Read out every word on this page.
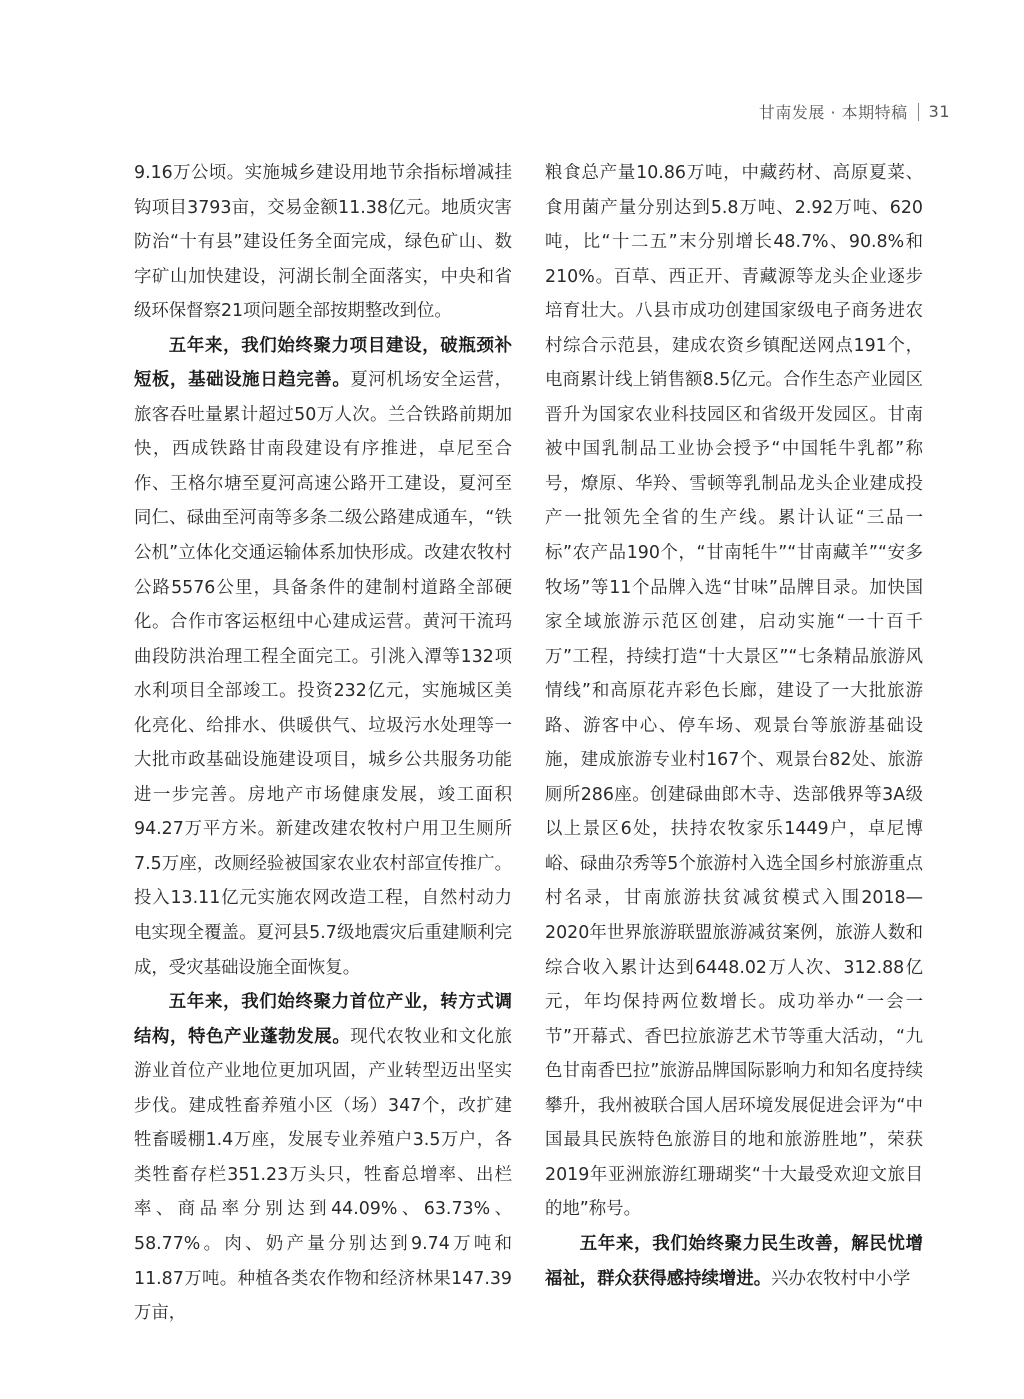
甘南发展 · 本期特稿 31

9.16万公顷。实施城乡建设用地节余指标增减挂钩项目3793亩，交易金额11.38亿元。地质灾害防治“十有县”建设任务全面完成，绿色矿山、数字矿山加快建设，河湖长制全面落实，中央和省级环保督察21项问题全部按期整改到位。

五年来，我们始终聚力项目建设，破瓶颈补短板，基础设施日趋完善。夏河机场安全运营，旅客吞吐量累计超过50万人次。兰合铁路前期加快，西成铁路甘南段建设有序推进，卓尼至合作、王格尔塘至夏河高速公路开工建设，夏河至同仁、碌曲至河南等多条二级公路建成通车，“铁公机”立体化交通运输体系加快形成。改建农牧村公路5576公里，具备条件的建制村道路全部硬化。合作市客运枢纽中心建成运营。黄河干流玛曲段防洪治理工程全面完工。引洮入潭等132项水利项目全部竣工。投资232亿元，实施城区美化亮化、给排水、供暖供气、垃圾污水处理等一大批市政基础设施建设项目，城乡公共服务功能进一步完善。房地产市场健康发展，竣工面积94.27万平方米。新建改建农牧村户用卫生厕所7.5万座，改厕经验被国家农业农村部宣传推广。投入13.11亿元实施农网改造工程，自然村动力电实现全覆盖。夏河县5.7级地震灾后重建顺利完成，受灾基础设施全面恢复。

五年来，我们始终聚力首位产业，转方式调结构，特色产业蓬勃发展。现代农牧业和文化旅游业首位产业地位更加巩固，产业转型迈出坚实步伐。建成牲畜养殖小区（场）347个，改扩建牲畜暖棚1.4万座，发展专业养殖户3.5万户，各类牲畜存栏351.23万头只，牲畜总增率、出栏率、商品率分别达到44.09%、63.73%、58.77%。肉、奶产量分别达到9.74万吨和11.87万吨。种植各类农作物和经济林果147.39万亩，

粮食总产量10.86万吨，中藏药材、高原夏菜、食用菌产量分别达到5.8万吨、2.92万吨、620吨，比“十二五”末分别增长48.7%、90.8%和210%。百草、西正开、青藏源等龙头企业逐步培育壮大。八县市成功创建国家级电子商务进农村综合示范县，建成农资乡镇配送网点191个，电商累计线上销售额8.5亿元。合作生态产业园区晋升为国家农业科技园区和省级开发园区。甘南被中国乳制品工业协会授予“中国牦牛乳都”称号，燎原、华羚、雪顿等乳制品龙头企业建成投产一批领先全省的生产线。累计认证“三品一标”农产品190个，“甘南牦牛”“甘南藏羊”“安多牧场”等11个品牌入选“甘味”品牌目录。加快国家全域旅游示范区创建，启动实施“一十百千万”工程，持续打造“十大景区”“七条精品旅游风情线”和高原花卉彩色长廊，建设了一大批旅游路、游客中心、停车场、观景台等旅游基础设施，建成旅游专业村167个、观景台82处、旅游厕所286座。创建碌曲郎木寺、迭部俄界等3A级以上景区6处，扶持农牧家乐1449户，卓尼博峪、碌曲尕秀等5个旅游村入选全国乡村旅游重点村名录，甘南旅游扶贫减贫模式入围2018—2020年世界旅游联盟旅游减贫案例，旅游人数和综合收入累计达到6448.02万人次、312.88亿元，年均保持两位数增长。成功举办“一会一节”开幕式、香巴拉旅游艺术节等重大活动，“九色甘南香巴拉”旅游品牌国际影响力和知名度持续攀升，我州被联合国人居环境发展促进会评为“中国最具民族特色旅游目的地和旅游胜地”，荣获2019年亚洲旅游红珊瑚奖“十大最受欢迎文旅目的地”称号。

五年来，我们始终聚力民生改善，解民忧增福祉，群众获得感持续增进。兴办农牧村中小学
